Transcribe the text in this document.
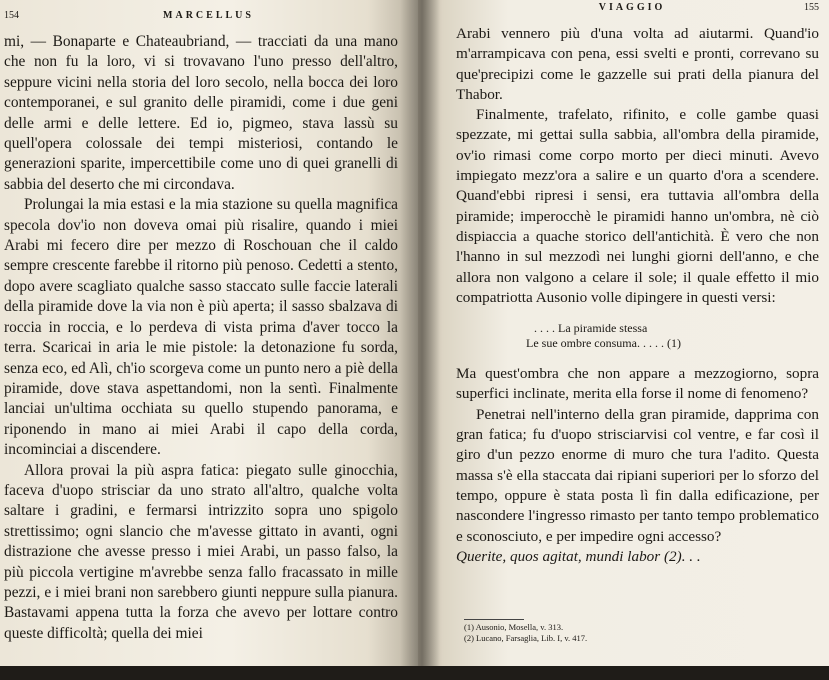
154	MARCELLUS

mi, — Bonaparte e Chateaubriand, — tracciati da una mano che non fu la loro, vi si trovavano l'uno presso dell'altro, seppure vicini nella storia del loro secolo, nella bocca dei loro contemporanei, e sul granito delle piramidi, come i due geni delle armi e delle lettere. Ed io, pigmeo, stava lassù su quell'opera colossale dei tempi misteriosi, contando le generazioni sparite, impercettibile come uno di quei granelli di sabbia del deserto che mi circondava.

Prolungai la mia estasi e la mia stazione su quella magnifica specola dov'io non doveva omai più risalire, quando i miei Arabi mi fecero dire per mezzo di Roschouan che il caldo sempre crescente farebbe il ritorno più penoso. Cedetti a stento, dopo avere scagliato qualche sasso staccato sulle faccie laterali della piramide dove la via non è più aperta; il sasso sbalzava di roccia in roccia, e lo perdeva di vista prima d'aver tocco la terra. Scaricai in aria le mie pistole: la detonazione fu sorda, senza eco, ed Alì, ch'io scorgeva come un punto nero a piè della piramide, dove stava aspettandomi, non la sentì. Finalmente lanciai un'ultima occhiata su quello stupendo panorama, e riponendo in mano ai miei Arabi il capo della corda, incominciai a discendere.

Allora provai la più aspra fatica: piegato sulle ginocchia, faceva d'uopo strisciar da uno strato all'altro, qualche volta saltare i gradini, e fermarsi intrizzito sopra uno spigolo strettissimo; ogni slancio che m'avesse gittato in avanti, ogni distrazione che avesse presso i miei Arabi, un passo falso, la più piccola vertigine m'avrebbe senza fallo fracassato in mille pezzi, e i miei brani non sarebbero giunti neppure sulla pianura. Bastavami appena tutta la forza che avevo per lottare contro queste difficoltà; quella dei miei

VIAGGIO	155

Arabi vennero più d'una volta ad aiutarmi. Quand'io m'arrampicava con pena, essi svelti e pronti, correvano su que'precipizi come le gazzelle sui prati della pianura del Thabor.

Finalmente, trafelato, rifinito, e colle gambe quasi spezzate, mi gettai sulla sabbia, all'ombra della piramide, ov'io rimasi come corpo morto per dieci minuti. Avevo impiegato mezz'ora a salire e un quarto d'ora a scendere. Quand'ebbi ripresi i sensi, era tuttavia all'ombra della piramide; imperocchè le piramidi hanno un'ombra, nè ciò dispiaccia a quache storico dell'antichità. È vero che non l'hanno in sul mezzodì nei lunghi giorni dell'anno, e che allora non valgono a celare il sole; il quale effetto il mio compatriotta Ausonio volle dipingere in questi versi:

. . . . La piramide stessa
Le sue ombre consuma. . . . . (1)

Ma quest'ombra che non appare a mezzogiorno, sopra superfici inclinate, merita ella forse il nome di fenomeno?

Penetrai nell'interno della gran piramide, dapprima con gran fatica; fu d'uopo strisciarvisi col ventre, e far così il giro d'un pezzo enorme di muro che tura l'adito. Questa massa s'è ella staccata dai ripiani superiori per lo sforzo del tempo, oppure è stata posta lì fin dalla edificazione, per nascondere l'ingresso rimasto per tanto tempo problematico e sconosciuto, e per impedire ogni accesso?

Querite, quos agitat, mundi labor (2). . .

(1) Ausonio, Mosella, v. 313.
(2) Lucano, Farsaglia, Lib. I, v. 417.
